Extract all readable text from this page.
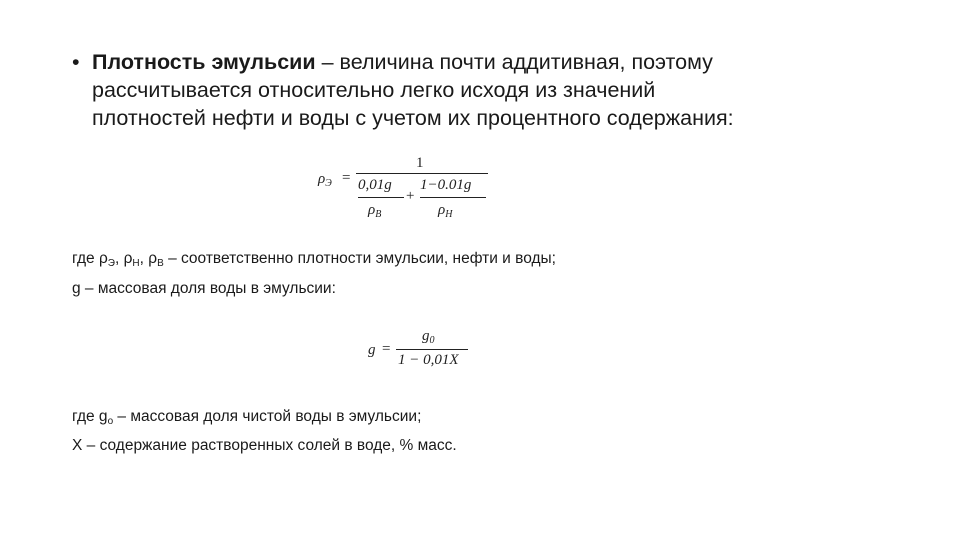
• Плотность эмульсии – величина почти аддитивная, поэтому
рассчитывается относительно легко исходя из значений
плотностей нефти и воды с учетом их процентного содержания:
$\rho_Э$ =
1
0,01g
$\rho_В$
+
1−0.01g
$\rho_Н$
где $\rho_Э$, $\rho_Н$, $\rho_В$ – соответственно плотности эмульсии, нефти и воды;
g – массовая доля воды в эмульсии:
g =
$g_0$
1 − 0,01X
где $g_о$ – массовая доля чистой воды в эмульсии;
X – содержание растворенных солей в воде, % масс.
